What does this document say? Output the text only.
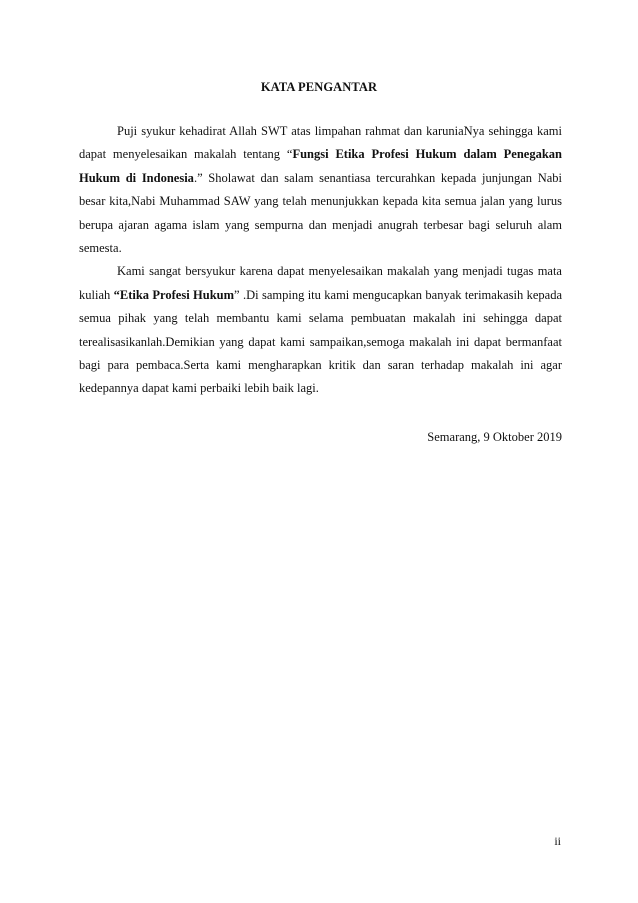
KATA PENGANTAR

Puji syukur kehadirat Allah SWT atas limpahan rahmat dan karuniaNya sehingga kami dapat menyelesaikan makalah tentang “Fungsi Etika Profesi Hukum dalam Penegakan Hukum di Indonesia.” Sholawat dan salam senantiasa tercurahkan kepada junjungan Nabi besar kita,Nabi Muhammad SAW yang telah menunjukkan kepada kita semua jalan yang lurus berupa ajaran agama islam yang sempurna dan menjadi anugrah terbesar bagi seluruh alam semesta.

Kami sangat bersyukur karena dapat menyelesaikan makalah yang menjadi tugas mata kuliah “Etika Profesi Hukum” .Di samping itu kami mengucapkan banyak terimakasih kepada semua pihak yang telah membantu kami selama pembuatan makalah ini sehingga dapat terealisasikanlah.Demikian yang dapat kami sampaikan,semoga makalah ini dapat bermanfaat bagi para pembaca.Serta kami mengharapkan kritik dan saran terhadap makalah ini agar kedepannya dapat kami perbaiki lebih baik lagi.

Semarang, 9 Oktober 2019
ii
